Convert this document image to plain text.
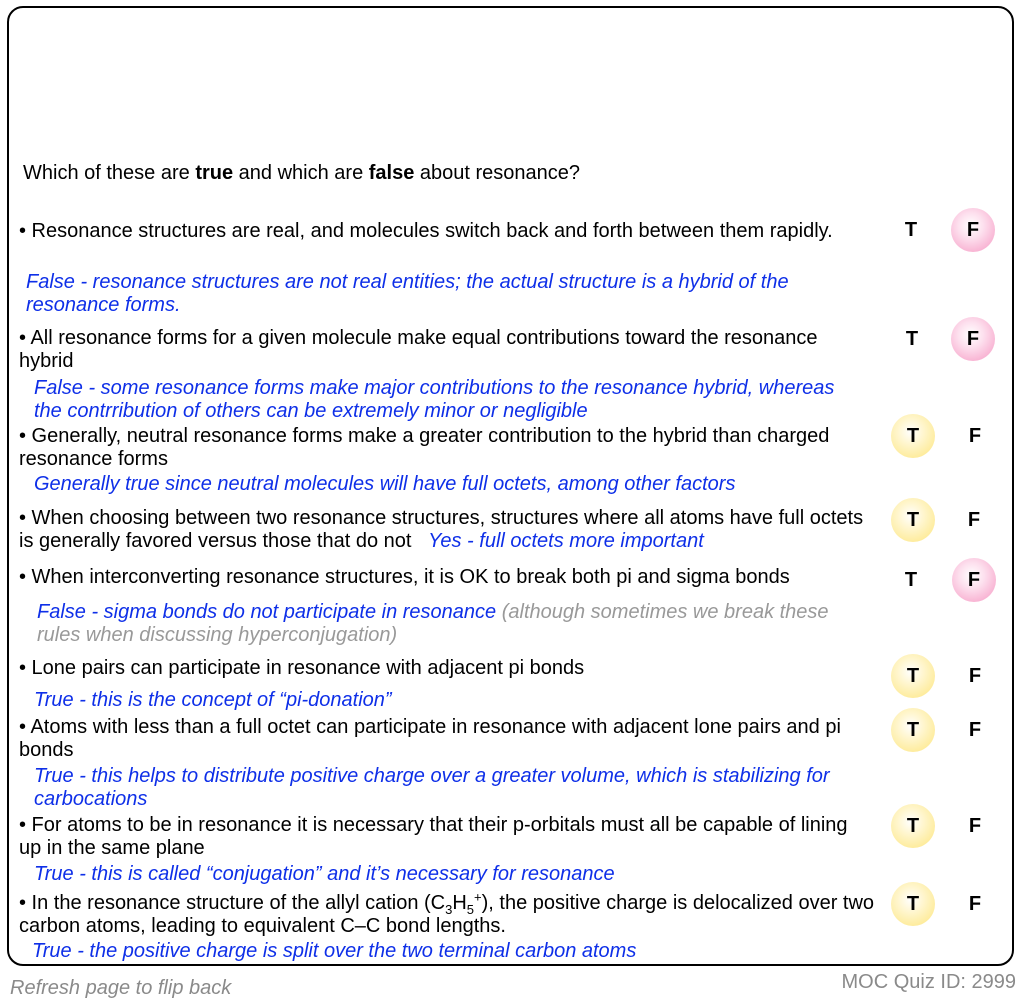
Which of these are true and which are false about resonance?
• Resonance structures are real, and molecules switch back and forth between them rapidly.
False - resonance structures are not real entities; the actual structure is a hybrid of the resonance forms.
T	F
• All resonance forms for a given molecule make equal contributions toward the resonance hybrid
False - some resonance forms make major contributions to the resonance hybrid, whereas the contrribution of others can be extremely minor or negligible
T	F
• Generally, neutral resonance forms make a greater contribution to the hybrid than charged resonance forms
Generally true since neutral molecules will have full octets, among other factors
T	F
• When choosing between two resonance structures, structures where all atoms have full octets is generally favored versus those that do not Yes - full octets more important
T	F
• When interconverting resonance structures, it is OK to break both pi and sigma bonds
False - sigma bonds do not participate in resonance (although sometimes we break these rules when discussing hyperconjugation)
T	F
• Lone pairs can participate in resonance with adjacent pi bonds
True - this is the concept of “pi-donation”
T	F
• Atoms with less than a full octet can participate in resonance with adjacent lone pairs and pi bonds
True - this helps to distribute positive charge over a greater volume, which is stabilizing for carbocations
T	F
• For atoms to be in resonance it is necessary that their p-orbitals must all be capable of lining up in the same plane
True - this is called “conjugation” and it’s necessary for resonance
T	F
• In the resonance structure of the allyl cation $(C_3H_5^+)$, the positive charge is delocalized over two carbon atoms, leading to equivalent C–C bond lengths.
True - the positive charge is split over the two terminal carbon atoms
T	F
Refresh page to flip back	MOC Quiz ID: 2999
